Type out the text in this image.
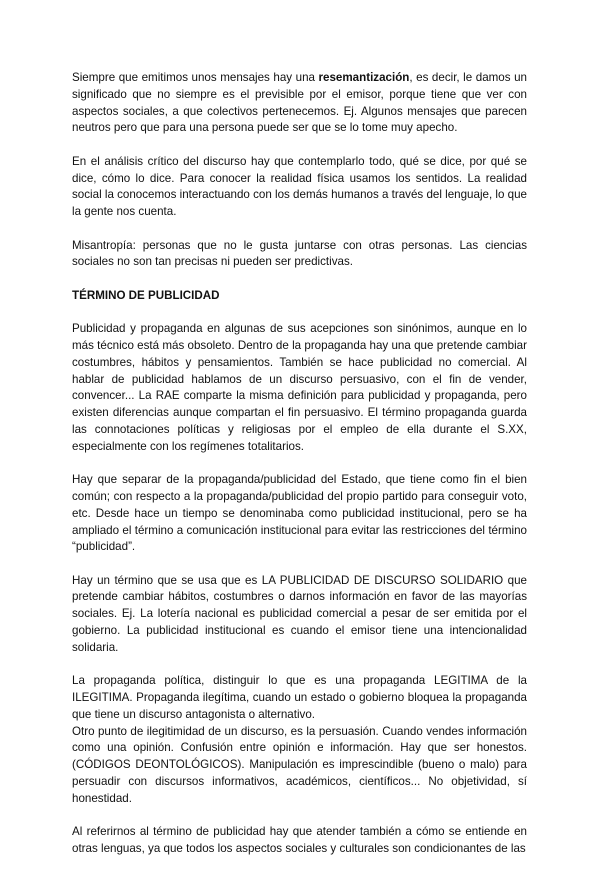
Siempre que emitimos unos mensajes hay una resemantización, es decir, le damos un significado que no siempre es el previsible por el emisor, porque tiene que ver con aspectos sociales, a que colectivos pertenecemos. Ej. Algunos mensajes que parecen neutros pero que para una persona puede ser que se lo tome muy apecho.

En el análisis crítico del discurso hay que contemplarlo todo, qué se dice, por qué se dice, cómo lo dice. Para conocer la realidad física usamos los sentidos. La realidad social la conocemos interactuando con los demás humanos a través del lenguaje, lo que la gente nos cuenta.

Misantropía: personas que no le gusta juntarse con otras personas. Las ciencias sociales no son tan precisas ni pueden ser predictivas.

TÉRMINO DE PUBLICIDAD

Publicidad y propaganda en algunas de sus acepciones son sinónimos, aunque en lo más técnico está más obsoleto. Dentro de la propaganda hay una que pretende cambiar costumbres, hábitos y pensamientos. También se hace publicidad no comercial. Al hablar de publicidad hablamos de un discurso persuasivo, con el fin de vender, convencer... La RAE comparte la misma definición para publicidad y propaganda, pero existen diferencias aunque compartan el fin persuasivo. El término propaganda guarda las connotaciones políticas y religiosas por el empleo de ella durante el S.XX, especialmente con los regímenes totalitarios.

Hay que separar de la propaganda/publicidad del Estado, que tiene como fin el bien común; con respecto a la propaganda/publicidad del propio partido para conseguir voto, etc. Desde hace un tiempo se denominaba como publicidad institucional, pero se ha ampliado el término a comunicación institucional para evitar las restricciones del término “publicidad”.

Hay un término que se usa que es LA PUBLICIDAD DE DISCURSO SOLIDARIO que pretende cambiar hábitos, costumbres o darnos información en favor de las mayorías sociales. Ej. La lotería nacional es publicidad comercial a pesar de ser emitida por el gobierno. La publicidad institucional es cuando el emisor tiene una intencionalidad solidaria.

La propaganda política, distinguir lo que es una propaganda LEGITIMA de la ILEGITIMA. Propaganda ilegítima, cuando un estado o gobierno bloquea la propaganda que tiene un discurso antagonista o alternativo.

Otro punto de ilegitimidad de un discurso, es la persuasión. Cuando vendes información como una opinión. Confusión entre opinión e información. Hay que ser honestos. (CÓDIGOS DEONTOLÓGICOS). Manipulación es imprescindible (bueno o malo) para persuadir con discursos informativos, académicos, científicos... No objetividad, sí honestidad.

Al referirnos al término de publicidad hay que atender también a cómo se entiende en otras lenguas, ya que todos los aspectos sociales y culturales son condicionantes de las
